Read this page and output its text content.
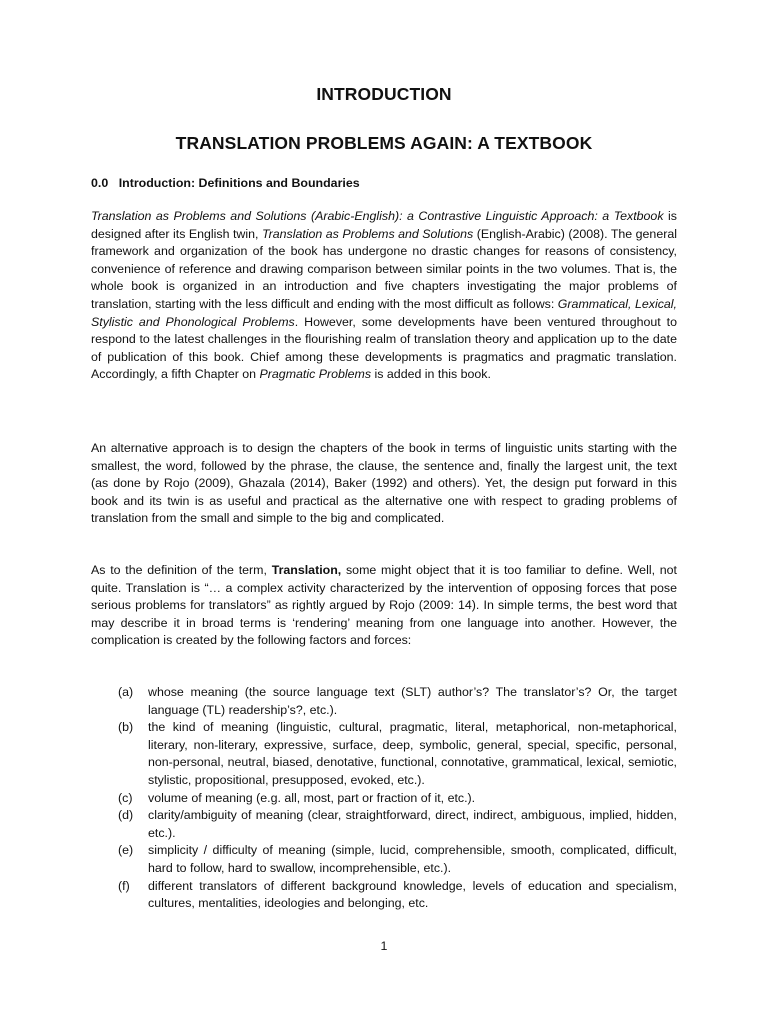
INTRODUCTION
TRANSLATION PROBLEMS AGAIN: A TEXTBOOK
0.0 Introduction: Definitions and Boundaries

Translation as Problems and Solutions (Arabic-English): a Contrastive Linguistic Approach: a Textbook is designed after its English twin, Translation as Problems and Solutions (English-Arabic) (2008). The general framework and organization of the book has undergone no drastic changes for reasons of consistency, convenience of reference and drawing comparison between similar points in the two volumes. That is, the whole book is organized in an introduction and five chapters investigating the major problems of translation, starting with the less difficult and ending with the most difficult as follows: Grammatical, Lexical, Stylistic and Phonological Problems. However, some developments have been ventured throughout to respond to the latest challenges in the flourishing realm of translation theory and application up to the date of publication of this book. Chief among these developments is pragmatics and pragmatic translation. Accordingly, a fifth Chapter on Pragmatic Problems is added in this book.

An alternative approach is to design the chapters of the book in terms of linguistic units starting with the smallest, the word, followed by the phrase, the clause, the sentence and, finally the largest unit, the text (as done by Rojo (2009), Ghazala (2014), Baker (1992) and others). Yet, the design put forward in this book and its twin is as useful and practical as the alternative one with respect to grading problems of translation from the small and simple to the big and complicated.

As to the definition of the term, Translation, some might object that it is too familiar to define. Well, not quite. Translation is “… a complex activity characterized by the intervention of opposing forces that pose serious problems for translators” as rightly argued by Rojo (2009: 14). In simple terms, the best word that may describe it in broad terms is ‘rendering’ meaning from one language into another. However, the complication is created by the following factors and forces:

(a)	whose meaning (the source language text (SLT) author’s? The translator’s? Or, the target language (TL) readership’s?, etc.).
(b)	the kind of meaning (linguistic, cultural, pragmatic, literal, metaphorical, non-metaphorical, literary, non-literary, expressive, surface, deep, symbolic, general, special, specific, personal, non-personal, neutral, biased, denotative, functional, connotative, grammatical, lexical, semiotic, stylistic, propositional, presupposed, evoked, etc.).
(c)	volume of meaning (e.g. all, most, part or fraction of it, etc.).
(d)	clarity/ambiguity of meaning (clear, straightforward, direct, indirect, ambiguous, implied, hidden, etc.).
(e)	simplicity / difficulty of meaning (simple, lucid, comprehensible, smooth, complicated, difficult, hard to follow, hard to swallow, incomprehensible, etc.).
(f)	different translators of different background knowledge, levels of education and specialism, cultures, mentalities, ideologies and belonging, etc.
1
